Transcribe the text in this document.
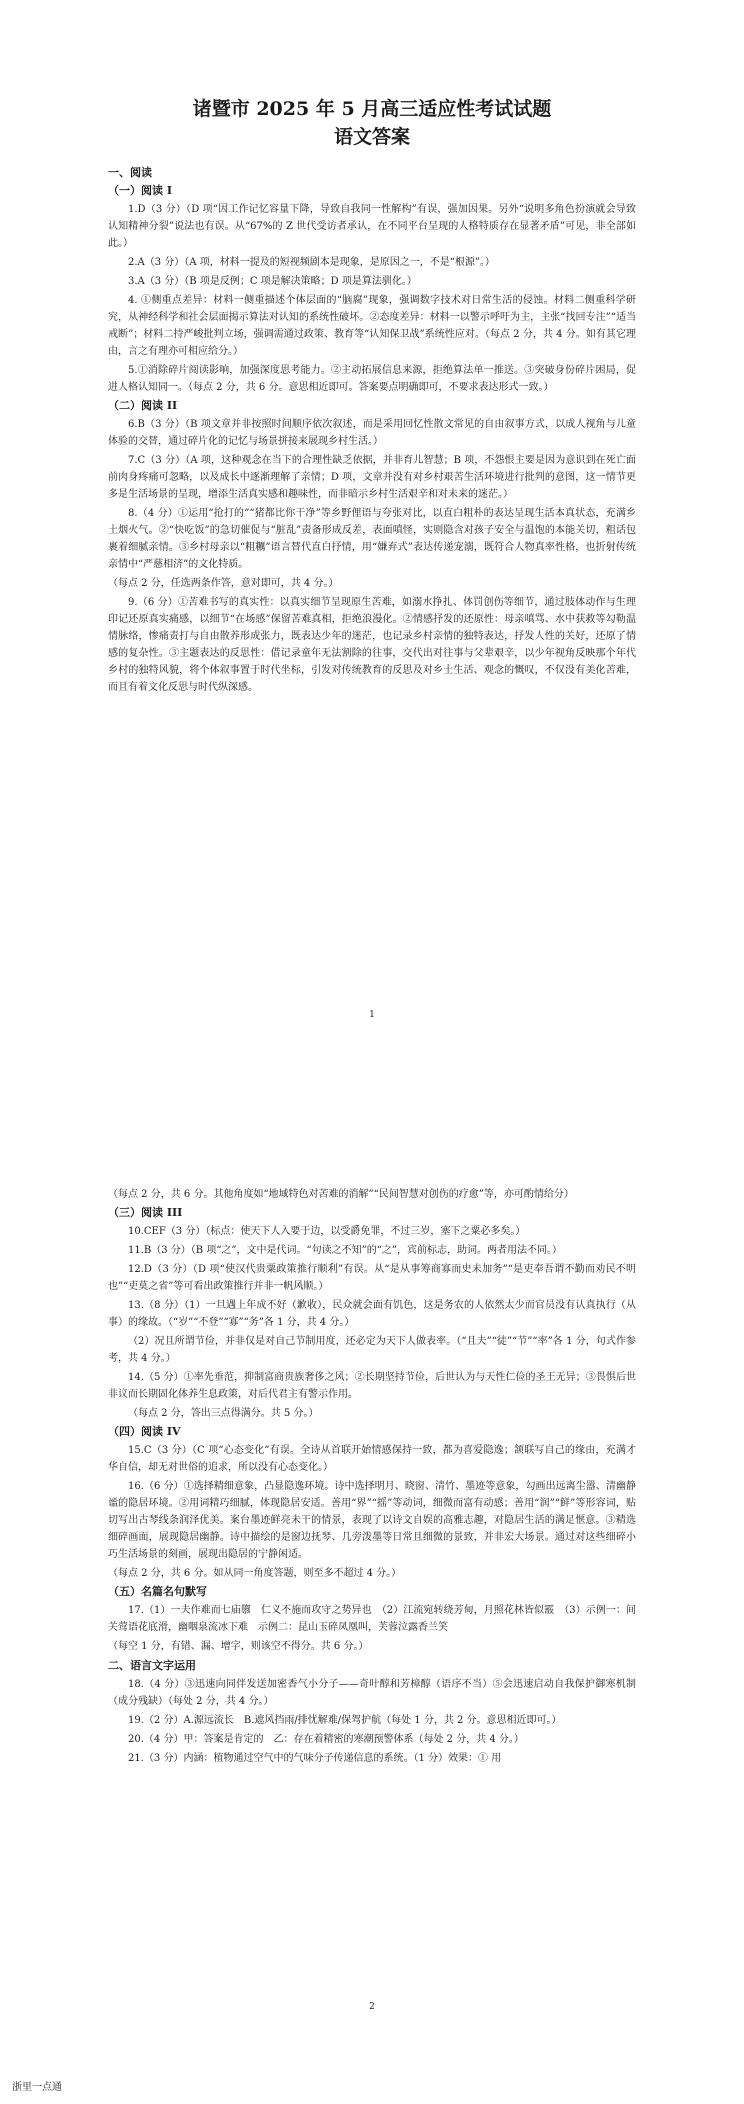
诸暨市 2025 年 5 月高三适应性考试试题
语文答案

一、阅读

（一）阅读 I

1.D（3 分）（D 项“因工作记忆容量下降，导致自我同一性解构”有误，强加因果。另外“说明多角色扮演就会导致认知精神分裂”说法也有误。从“67%的 Z 世代受访者承认，在不同平台呈现的人格特质存在显著矛盾”可见，非全部如此。）

2.A（3 分）（A 项，材料一提及的短视频剧本是现象，是原因之一，不是“根源”。）

3.A（3 分）（B 项是反例；C 项是解决策略；D 项是算法驯化。）

4. ①侧重点差异：材料一侧重描述个体层面的“脑腐”现象，强调数字技术对日常生活的侵蚀。材料二侧重科学研究，从神经科学和社会层面揭示算法对认知的系统性破坏。②态度差异：材料一以警示呼吁为主，主张“找回专注”“适当戒断”；材料二持严峻批判立场，强调需通过政策、教育等“认知保卫战”系统性应对。（每点 2 分，共 4 分。如有其它理由，言之有理亦可相应给分。）

5.①消除碎片阅读影响，加强深度思考能力。②主动拓展信息来源，拒绝算法单一推送。③突破身份碎片困局，促进人格认知同一。（每点 2 分，共 6 分。意思相近即可。答案要点明确即可，不要求表达形式一致。）

（二）阅读 II

6.B（3 分）（B 项文章并非按照时间顺序依次叙述，而是采用回忆性散文常见的自由叙事方式，以成人视角与儿童体验的交替，通过碎片化的记忆与场景拼接来展现乡村生活。）

7.C（3 分）（A 项，这种观念在当下的合理性缺乏依据，并非育儿智慧；B 项，不怨恨主要是因为意识到在死亡面前肉身疼痛可忽略，以及成长中逐渐理解了亲情；D 项，文章并没有对乡村艰苦生活环境进行批判的意图，这一情节更多是生活场景的呈现，增添生活真实感和趣味性，而非暗示乡村生活艰辛和对未来的迷茫。）

8.（4 分）①运用“抢打的”“猪都比你干净”等乡野俚语与夸张对比，以直白粗朴的表达呈现生活本真状态，充满乡土烟火气。②“快吃饭”的急切催促与“脏乱”责备形成反差，表面嗔怪，实则隐含对孩子安全与温饱的本能关切，粗话包裹着细腻亲情。③乡村母亲以“粗糲”语言替代直白抒情，用“嫌弃式”表达传递宠溺，既符合人物真率性格，也折射传统亲情中“严慈相济”的文化特质。

（每点 2 分，任选两条作答，意对即可，共 4 分。）

9.（6 分）①苦难书写的真实性：以真实细节呈现原生苦难，如溺水挣扎、体罚创伤等细节，通过肢体动作与生理印记还原真实痛感，以细节“在场感”保留苦难真相，拒绝浪漫化。②情感抒发的还原性：母亲嗔骂、水中获救等勾勒温情脉络，惨痛责打与自由散养形成张力，既表达少年的迷茫，也记录乡村亲情的独特表达，抒发人性的关好，还原了情感的复杂性。③主题表达的反思性：借记录童年无法割除的往事，交代出对往事与父辈艰辛，以少年视角反映那个年代乡村的独特风貌，将个体叙事置于时代坐标，引发对传统教育的反思及对乡土生活、观念的慨叹，不仅没有美化苦难，而且有着文化反思与时代纵深感。

1

（每点 2 分，共 6 分。其他角度如“地域特色对苦难的消解”“民间智慧对创伤的疗愈”等，亦可酌情给分）

（三）阅读 III

10.CEF（3 分）（标点：使天下人入要于边，以受爵免罪，不过三岁，塞下之粟必多矣。）

11.B（3 分）（B 项“之”，文中是代词。“句读之不知”的“之”，宾前标志，助词。两者用法不同。）

12.D（3 分）（D 项“使汉代贵粟政策推行顺利”有误。从“是从事筹商寡而史未加务”“是吏奉吾谓不勤而劝民不明也”“吏莫之省”等可看出政策推行并非一帆风顺。）

13.（8 分）（1）一旦遇上年成不好（歉收），民众就会面有饥色，这是务农的人依然太少而官员没有认真执行（从事）的缘故。（“岁”“不登”“寡”“务”各 1 分，共 4 分。）

（2）况且所谓节俭，并非仅是对自己节制用度，还必定为天下人做表率。（“且夫”“徒”“节”“率”各 1 分，句式作参考，共 4 分。）

14.（5 分）①率先垂范，抑制富商贵族奢侈之风；②长期坚持节俭，后世认为与天性仁俭的圣王无异；③畏惧后世非议而长期固化体养生息政策，对后代君主有警示作用。

（每点 2 分，答出三点得满分。共 5 分。）

（四）阅读 IV

15.C（3 分）（C 项“心态变化”有误。全诗从首联开始情感保持一致，都为喜爱隐逸；颔联写自己的缘由，充满才华自信，却无对世俗的追求，所以没有心态变化。）

16.（6 分）①选择精细意象，凸显隐逸环境。诗中选择明月、晓窗、清竹、墨迹等意象，勾画出远离尘嚣、清幽静谧的隐居环境。②用词精巧细腻，体现隐居安适。善用“界”“摇”等动词，细微而富有动感；善用“润”“鲜”等形容词，贴切写出古琴线条润泽优美。案台墨迹鲜亮未干的情景，表现了以诗文自娱的高雅志趣，对隐居生活的满足惬意。③精选细碎画面，展现隐居幽静。诗中描绘的是窗边抚琴、几旁泼墨等日常且细微的景致，并非宏大场景。通过对这些细碎小巧生活场景的刻画，展现出隐居的宁静闲适。

（每点 2 分，共 6 分。如从同一角度答题，则至多不超过 4 分。）

（五）名篇名句默写

17.（1）一夫作难而七庙隳　仁义不施而攻守之势异也　（2）江流宛转绕芳甸，月照花林皆似霰　（3）示例一：间关莺语花底滑，幽咽泉流冰下难　示例二：昆山玉碎凤凰叫，芙蓉泣露香兰笑

（每空 1 分，有错、漏、增字，则该空不得分。共 6 分。）

二、语言文字运用

18.（4 分）③迅速向同伴发送加密香气小分子——奇叶醇和芳樟醇（语序不当）⑤会迅速启动自我保护御寒机制（成分残缺）（每处 2 分，共 4 分。）

19.（2 分）A.源远流长　B.遮风挡雨/排忧解难/保驾护航（每处 1 分，共 2 分。意思相近即可。）

20.（4 分）甲：答案是肯定的　乙：存在着精密的寒潮预警体系（每处 2 分，共 4 分。）

21.（3 分）内涵：植物通过空气中的气味分子传递信息的系统。（1 分）效果：① 用

2
浙里一点通
